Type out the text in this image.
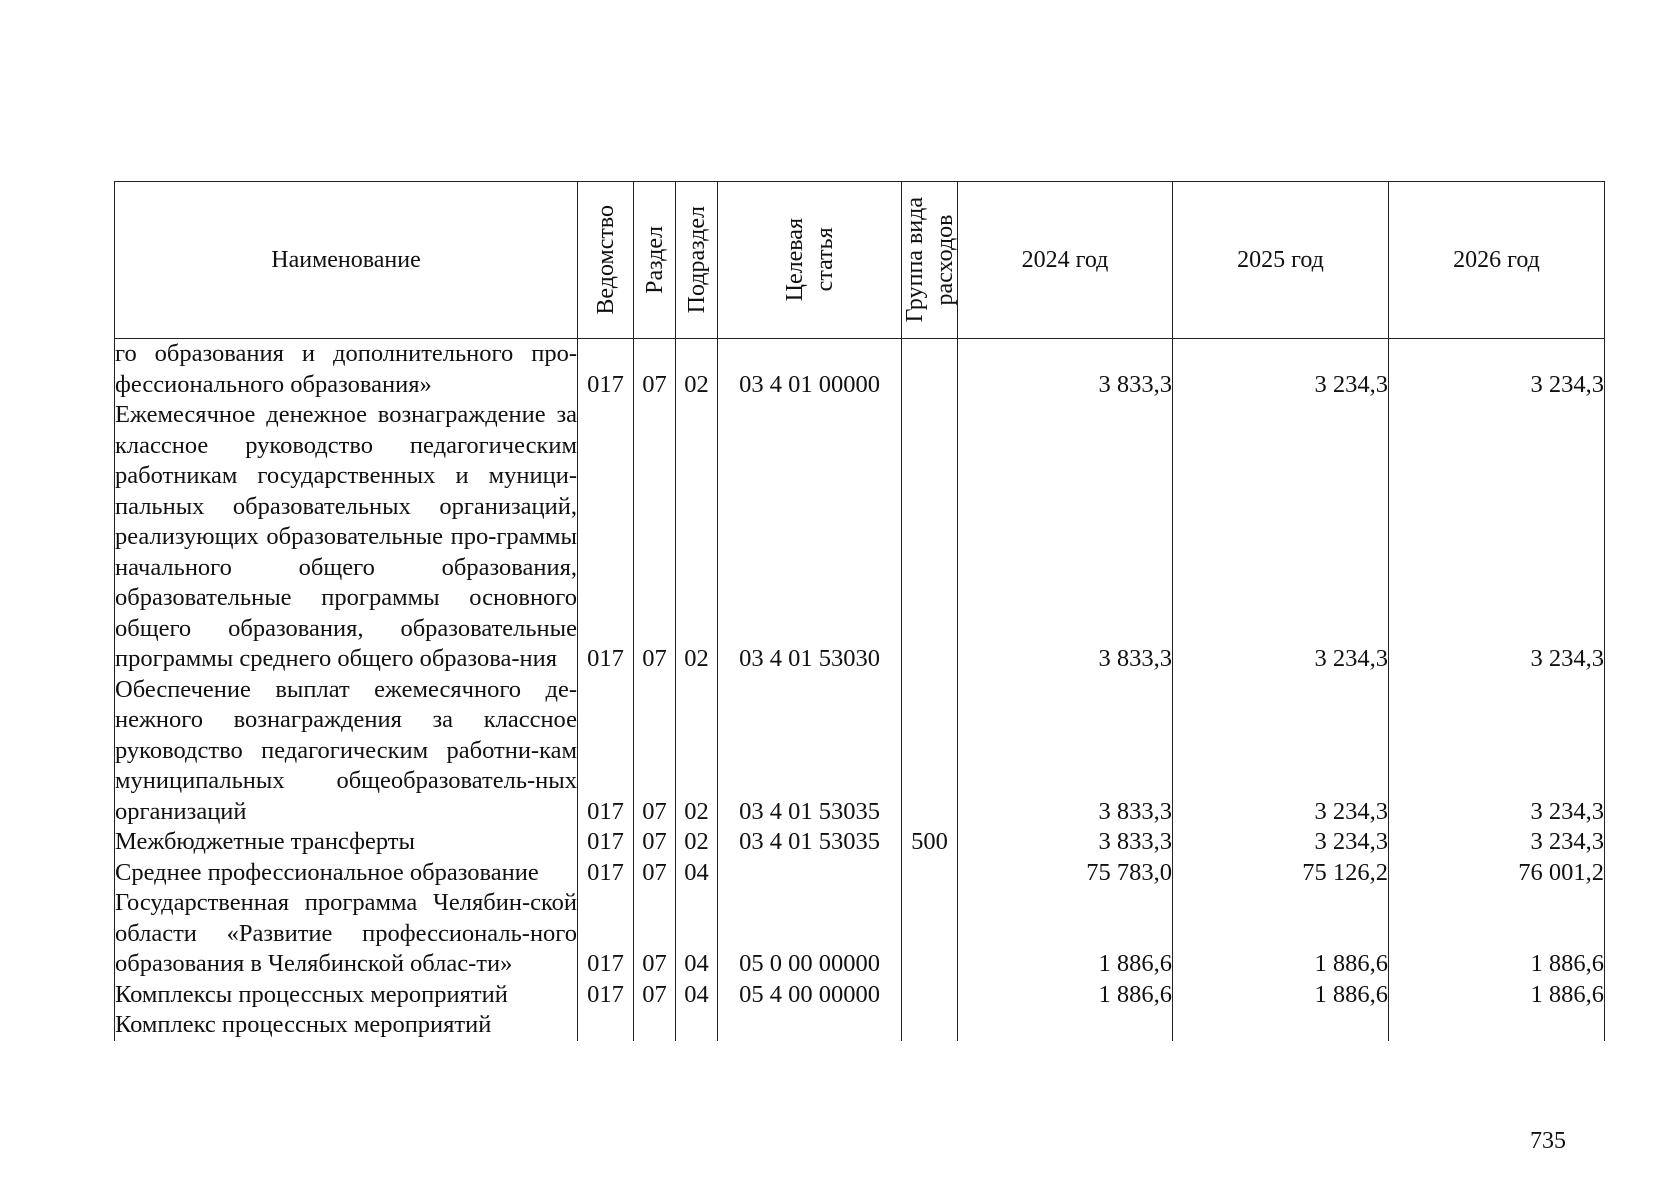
Наименование	Ведомство	Раздел	Подраздел	Целевая статья	Группа вида расходов	2024 год	2025 год	2026 год
го образования и дополнительного про-фессионального образования»	017	07	02	03 4 01 00000		3 833,3	3 234,3	3 234,3
Ежемесячное денежное вознаграждение за классное руководство педагогическим работникам государственных и муници-пальных образовательных организаций, реализующих образовательные про-граммы начального общего образования, образовательные программы основного общего образования, образовательные программы среднего общего образова-ния	017	07	02	03 4 01 53030		3 833,3	3 234,3	3 234,3
Обеспечение выплат ежемесячного де-нежного вознаграждения за классное руководство педагогическим работни-кам муниципальных общеобразователь-ных организаций	017	07	02	03 4 01 53035		3 833,3	3 234,3	3 234,3
Межбюджетные трансферты	017	07	02	03 4 01 53035	500	3 833,3	3 234,3	3 234,3
Среднее профессиональное образование	017	07	04			75 783,0	75 126,2	76 001,2
Государственная программа Челябин-ской области «Развитие профессиональ-ного образования в Челябинской облас-ти»	017	07	04	05 0 00 00000		1 886,6	1 886,6	1 886,6
Комплексы процессных мероприятий	017	07	04	05 4 00 00000		1 886,6	1 886,6	1 886,6
Комплекс процессных мероприятий								
735
